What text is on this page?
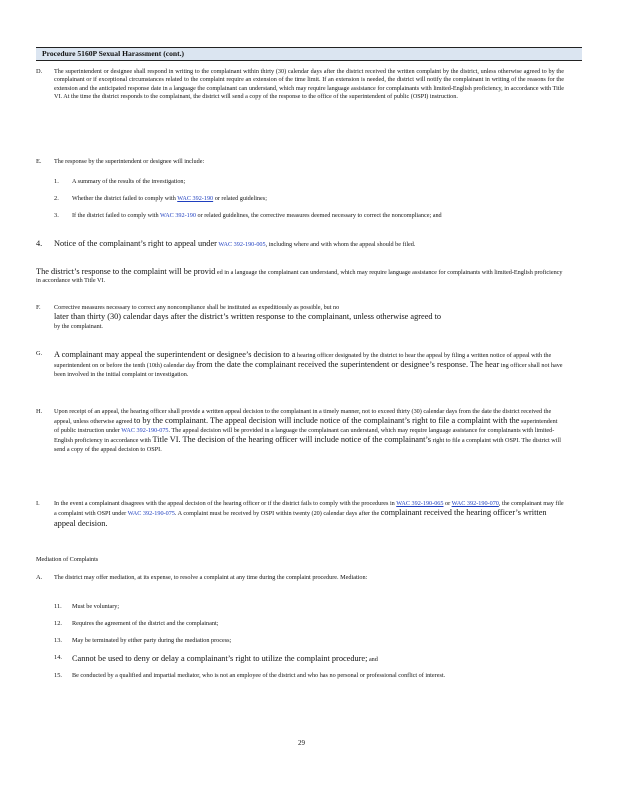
Procedure 5160P Sexual Harassment (cont.)
D. The superintendent or designee shall respond in writing to the complainant within thirty (30) calendar days after the district received the written complaint by the district, unless otherwise agreed to by the complainant or if exceptional circumstances related to the complaint require an extension of the time limit. If an extension is needed, the district will notify the complainant in writing of the reasons for the extension and the anticipated response date in a language the complainant can understand, which may require language assistance for complainants with limited-English proficiency, in accordance with Title VI. At the time the district responds to the complainant, the district will send a copy of the response to the office of the superintendent of public (OSPI) instruction.
E. The response by the superintendent or designee will include:
1. A summary of the results of the investigation;
2. Whether the district failed to comply with WAC 392-190 or related guidelines;
3. If the district failed to comply with WAC 392-190 or related guidelines, the corrective measures deemed necessary to correct the noncompliance; and
4. Notice of the complainant’s right to appeal under WAC 392-190-005, including where and with whom the appeal should be filed.
The district’s response to the complaint will be provid ed in a language the complainant can understand, which may require language assistance for complainants with limited-English proficiency in accordance with Title VI.
F. Corrective measures necessary to correct any noncompliance shall be instituted as expeditiously as possible, but no
later than thirty (30) calendar days after the district’s written response to the complainant, unless otherwise agreed to
by the complainant.
G. A complainant may appeal the superintendent or designee’s decision to a hearing officer designated by the district to hear the appeal by filing a written notice of appeal with the superintendent on or before the tenth (10th) calendar day from the date the complainant received the superintendent or designee’s response. The hear ing officer shall not have been involved in the initial complaint or investigation.
H. Upon receipt of an appeal, the hearing officer shall provide a written appeal decision to the complainant in a timely manner, not to exceed thirty (30) calendar days from the date the district received the appeal, unless otherwise agreed to by the complainant. The appeal decision will include notice of the complainant’s right to file a complaint with the superintendent of public instruction under WAC 392-190-075. The appeal decision will be provided in a language the complainant can understand, which may require language assistance for complainants with limited-English proficiency in accordance with Title VI. The decision of the hearing officer will include notice of the complainant’s right to file a complaint with OSPI. The district will send a copy of the appeal decision to OSPI.
I. In the event a complainant disagrees with the appeal decision of the hearing officer or if the district fails to comply with the procedures in WAC 392-190-065 or WAC 392-190-070, the complainant may file a complaint with OSPI under WAC 392-190-075. A complaint must be received by OSPI within twenty (20) calendar days after the complainant received the hearing officer’s written appeal decision.
Mediation of Complaints
A. The district may offer mediation, at its expense, to resolve a complaint at any time during the complaint procedure. Mediation:
11. Must be voluntary;
12. Requires the agreement of the district and the complainant;
13. May be terminated by either party during the mediation process;
14. Cannot be used to deny or delay a complainant’s right to utilize the complaint procedure; and
15. Be conducted by a qualified and impartial mediator, who is not an employee of the district and who has no personal or professional conflict of interest.
29
